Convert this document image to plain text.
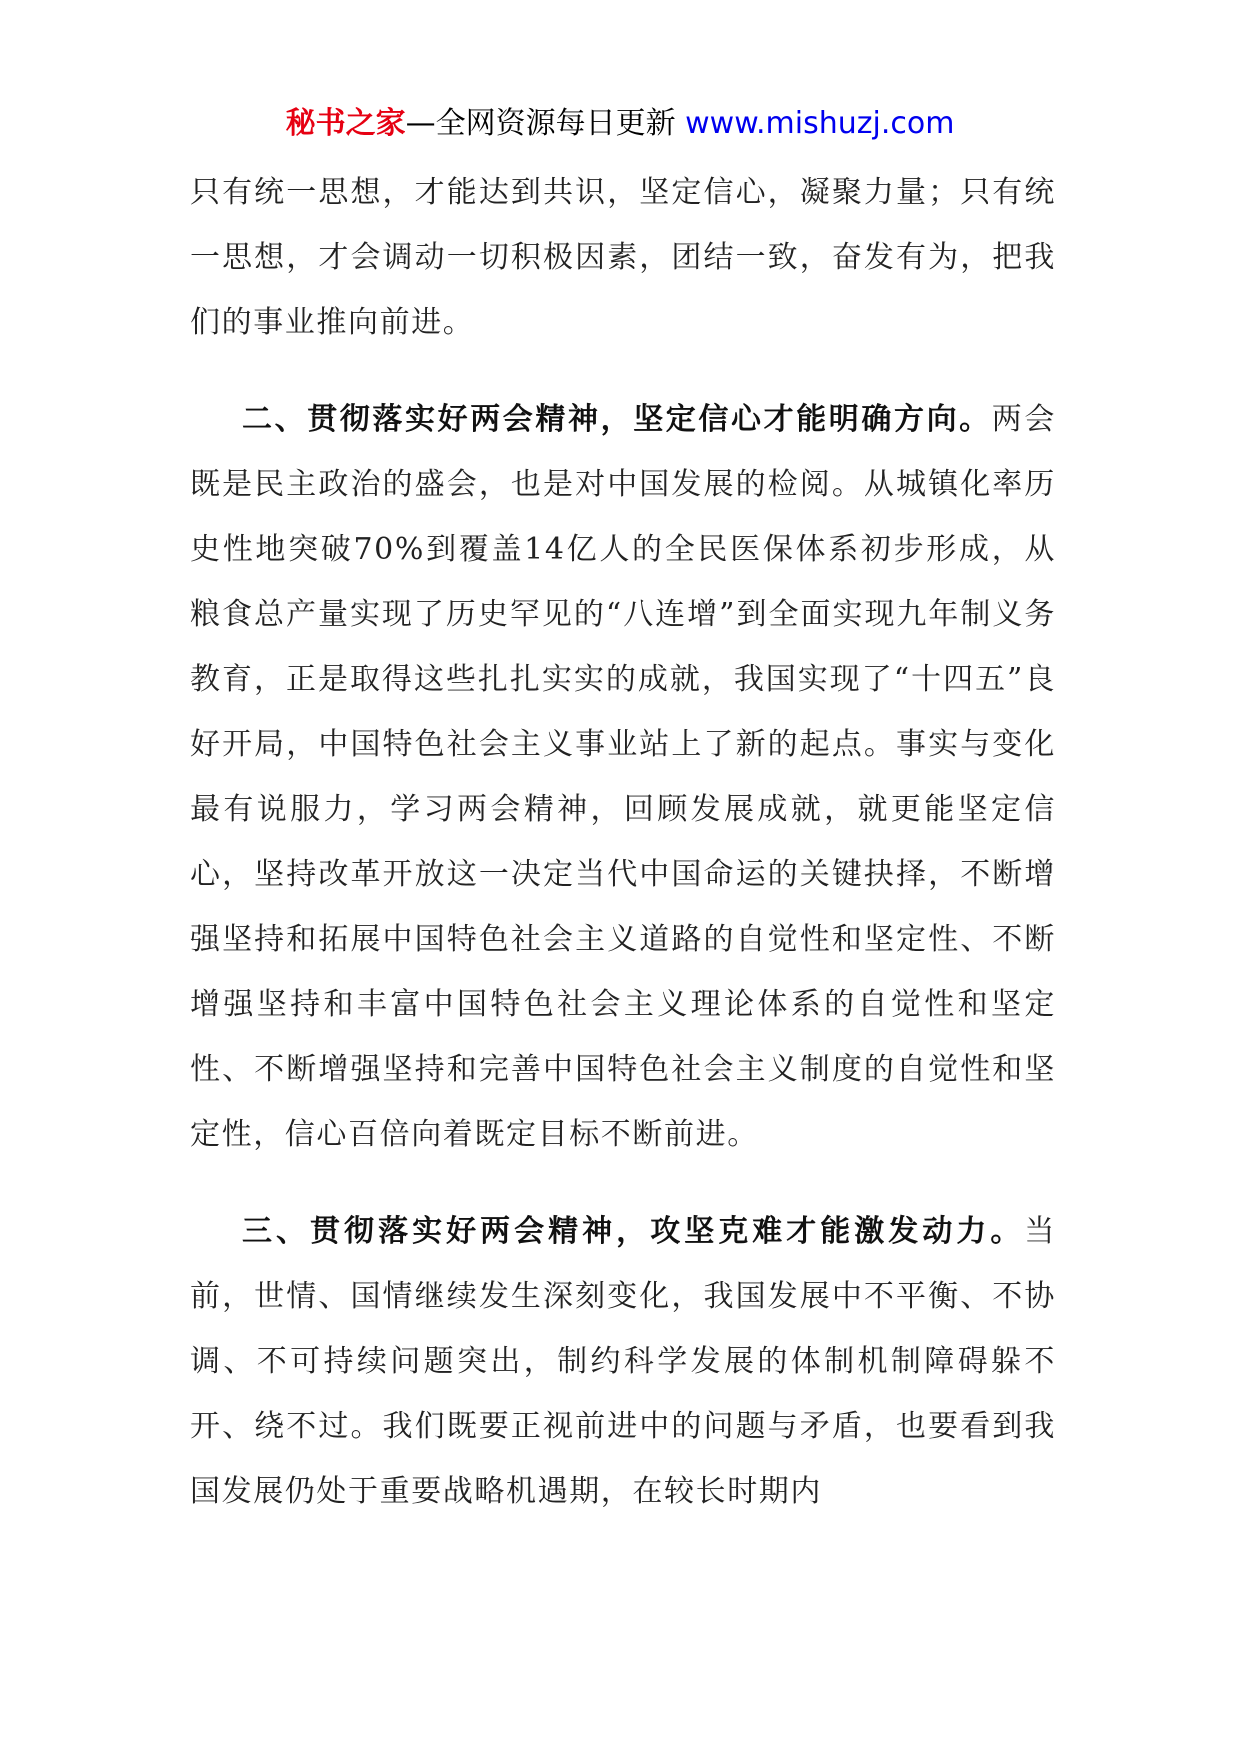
秘书之家—全网资源每日更新 www.mishuzj.com

只有统一思想，才能达到共识，坚定信心，凝聚力量；只有统一思想，才会调动一切积极因素，团结一致，奋发有为，把我们的事业推向前进。

二、贯彻落实好两会精神，坚定信心才能明确方向。两会既是民主政治的盛会，也是对中国发展的检阅。从城镇化率历史性地突破70%到覆盖14亿人的全民医保体系初步形成，从粮食总产量实现了历史罕见的“八连增”到全面实现九年制义务教育，正是取得这些扎扎实实的成就，我国实现了“十四五”良好开局，中国特色社会主义事业站上了新的起点。事实与变化最有说服力，学习两会精神，回顾发展成就，就更能坚定信心，坚持改革开放这一决定当代中国命运的关键抉择，不断增强坚持和拓展中国特色社会主义道路的自觉性和坚定性、不断增强坚持和丰富中国特色社会主义理论体系的自觉性和坚定性、不断增强坚持和完善中国特色社会主义制度的自觉性和坚定性，信心百倍向着既定目标不断前进。

三、贯彻落实好两会精神，攻坚克难才能激发动力。当前，世情、国情继续发生深刻变化，我国发展中不平衡、不协调、不可持续问题突出，制约科学发展的体制机制障碍躲不开、绕不过。我们既要正视前进中的问题与矛盾，也要看到我国发展仍处于重要战略机遇期，在较长时期内
